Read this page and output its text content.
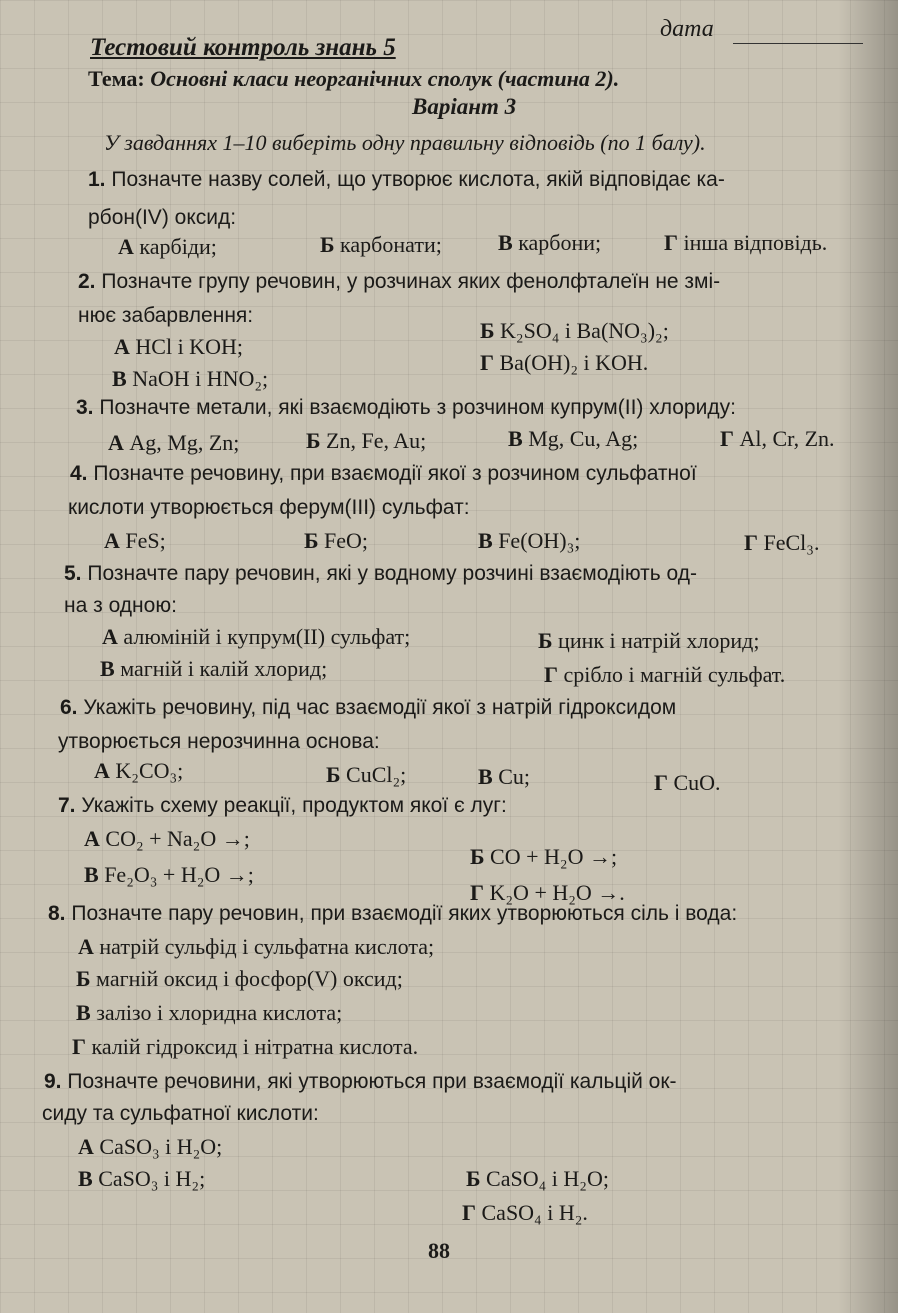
Тестовий контроль знань 5
дата
Тема: Основні класи неорганічних сполук (частина 2).
Варіант 3
У завданнях 1–10 виберіть одну правильну відповідь (по 1 балу).
1. Позначте назву солей, що утворює кислота, якій відповідає ка-
рбон(IV) оксид:
А карбіди;	Б карбонати;	В карбони;	Г інша відповідь.
2. Позначте групу речовин, у розчинах яких фенолфталеїн не змі-
нює забарвлення:
А HCl і KOH;
Б K₂SO₄ і Ba(NO₃)₂;
В NaOH і HNO₂;
Г Ba(OH)₂ і KOH.
3. Позначте метали, які взаємодіють з розчином купрум(II) хлориду:
А Ag, Mg, Zn;	Б Zn, Fe, Au;	В Mg, Cu, Ag;	Г Al, Cr, Zn.
4. Позначте речовину, при взаємодії якої з розчином сульфатної
кислоти утворюється ферум(III) сульфат:
А FeS;	Б FeO;	В Fe(OH)₃;	Г FeCl₃.
5. Позначте пару речовин, які у водному розчині взаємодіють од-
на з одною:
А алюміній і купрум(II) сульфат;	Б цинк і натрій хлорид;
В магній і калій хлорид;	Г срібло і магній сульфат.
6. Укажіть речовину, під час взаємодії якої з натрій гідроксидом
утворюється нерозчинна основа:
А K₂CO₃;	Б CuCl₂;	В Cu;	Г CuO.
7. Укажіть схему реакції, продуктом якої є луг:
А CO₂ + Na₂O →;
Б CO + H₂O →;
В Fe₂O₃ + H₂O →;
Г K₂O + H₂O →.
8. Позначте пару речовин, при взаємодії яких утворюються сіль і вода:
А натрій сульфід і сульфатна кислота;
Б магній оксид і фосфор(V) оксид;
В залізо і хлоридна кислота;
Г калій гідроксид і нітратна кислота.
9. Позначте речовини, які утворюються при взаємодії кальцій ок-
сиду та сульфатної кислоти:
А CaSO₃ і H₂O;
Б CaSO₄ і H₂O;
В CaSO₃ і H₂;
Г CaSO₄ і H₂.
88
